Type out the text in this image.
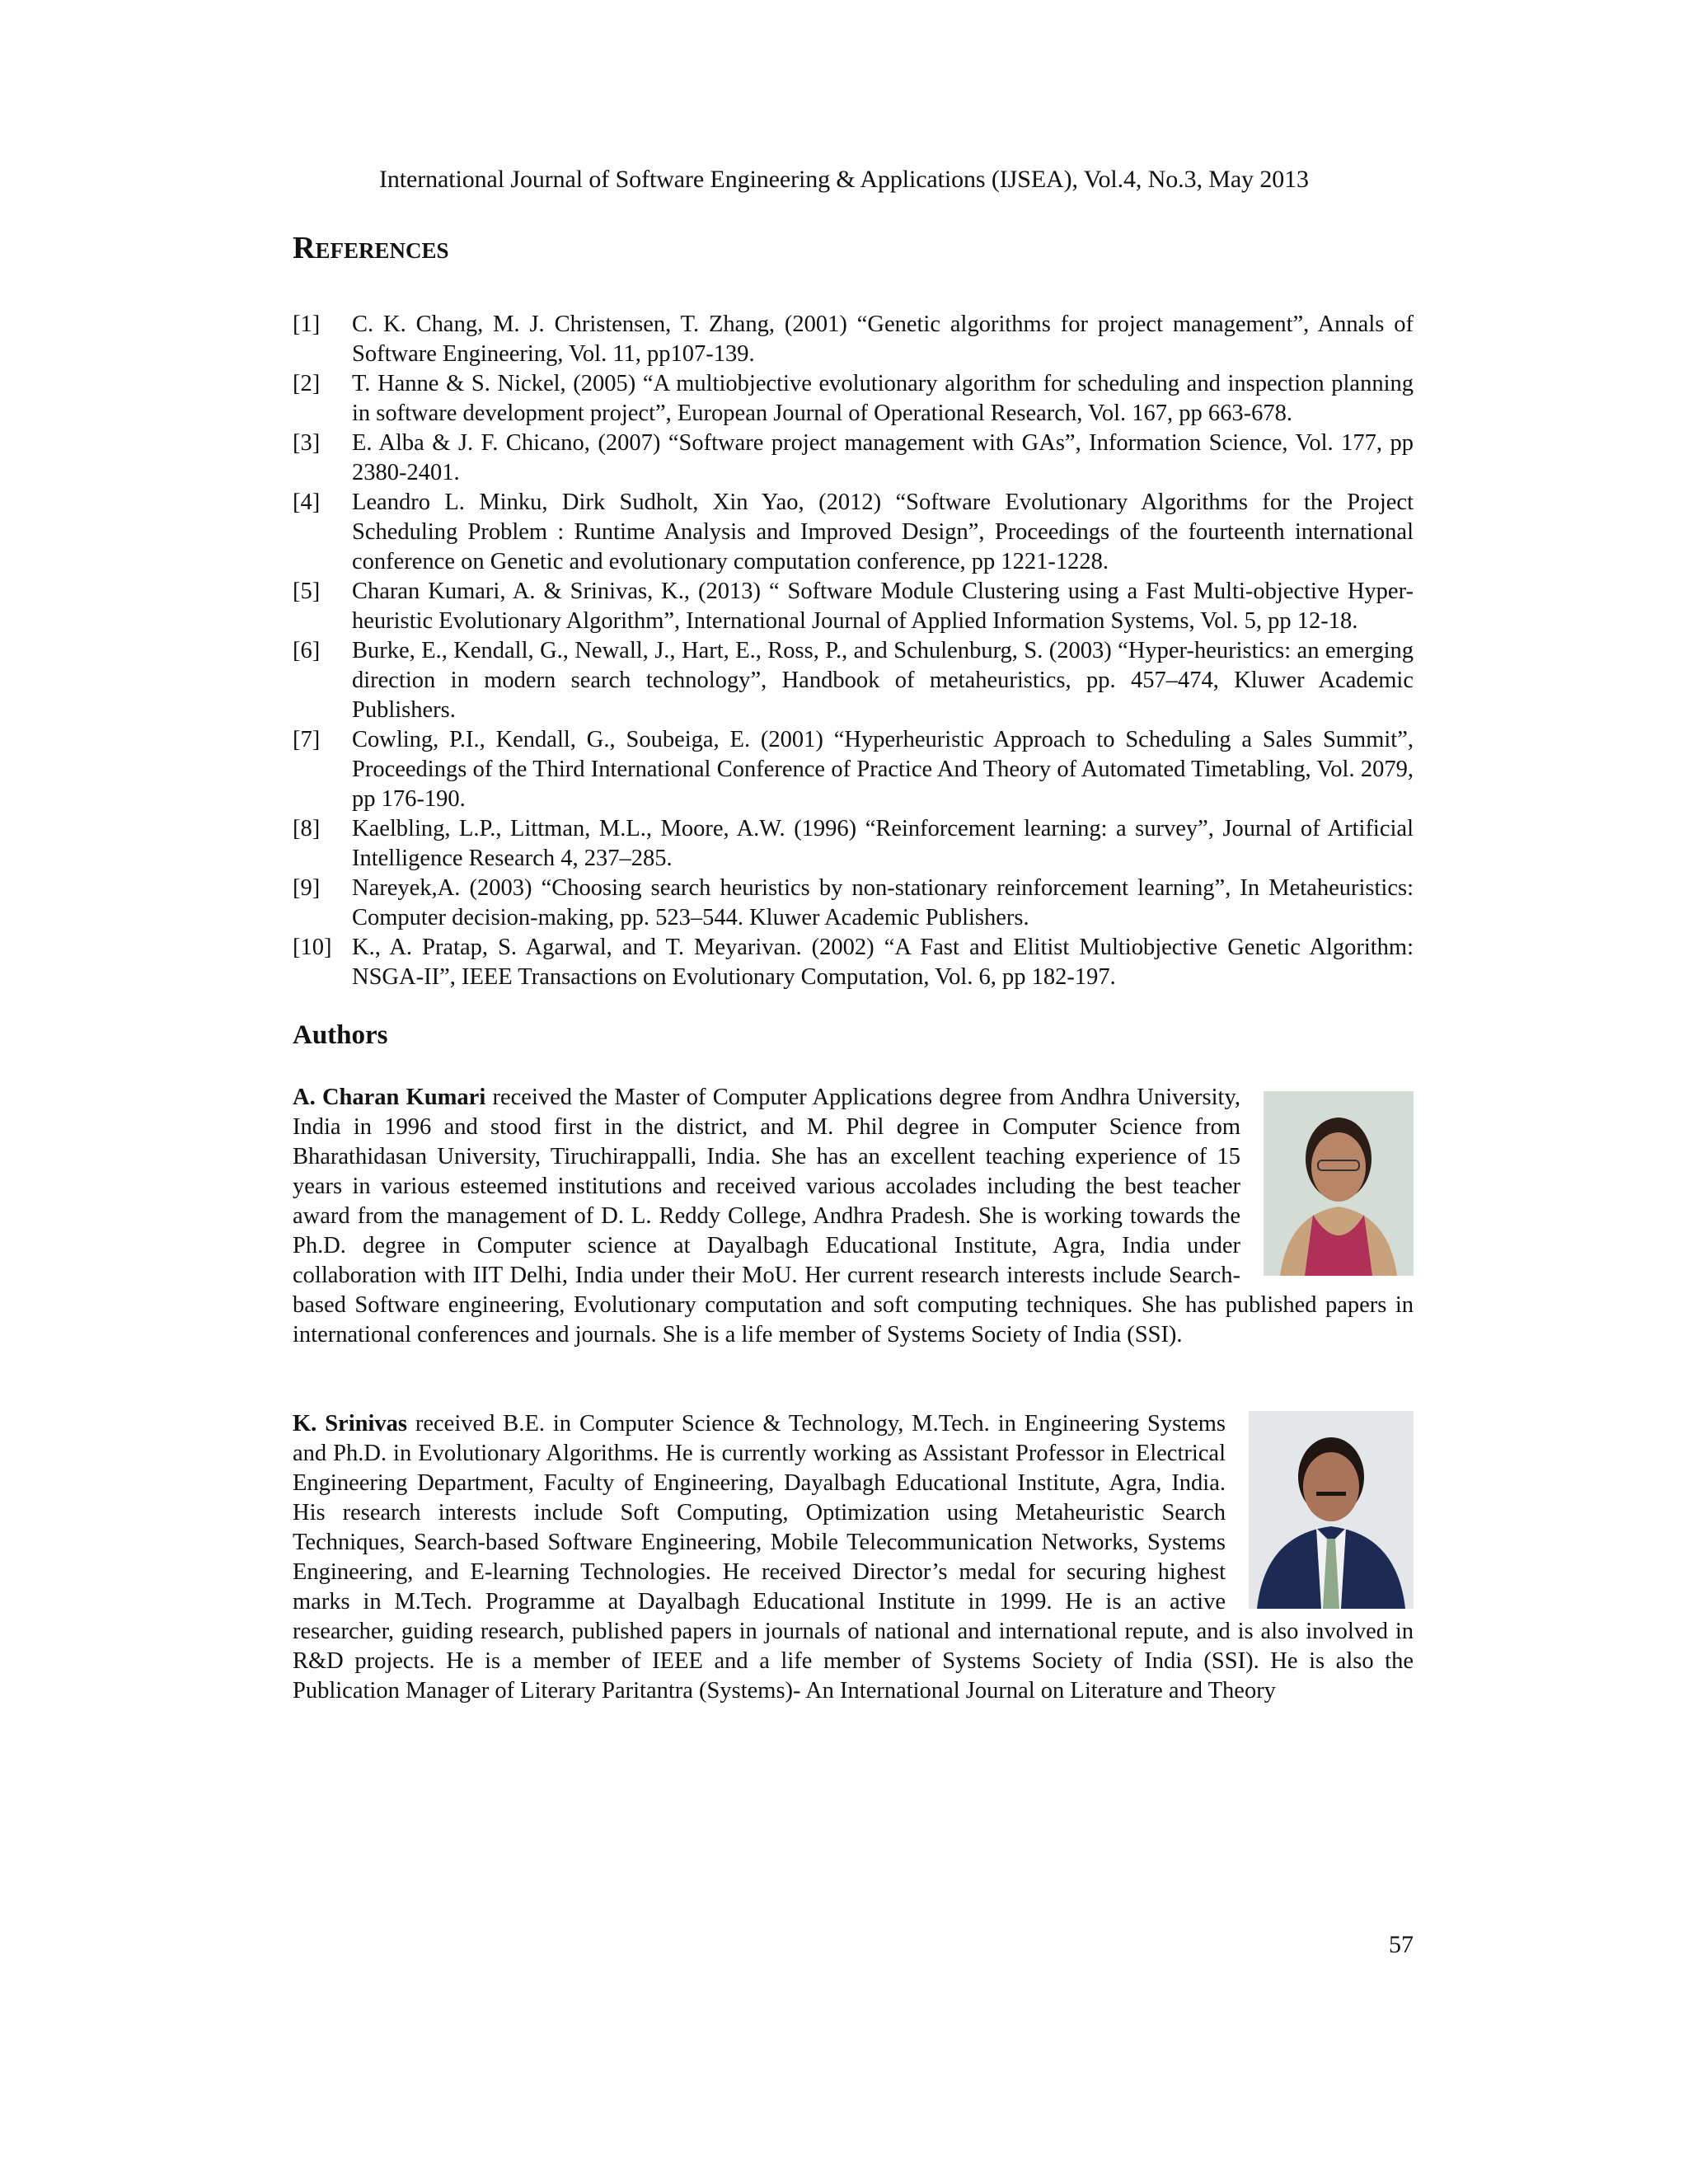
International Journal of Software Engineering & Applications (IJSEA), Vol.4, No.3, May 2013
References
[1] C. K. Chang, M. J. Christensen, T. Zhang, (2001) “Genetic algorithms for project management”, Annals of Software Engineering, Vol. 11, pp107-139.
[2] T. Hanne & S. Nickel, (2005) “A multiobjective evolutionary algorithm for scheduling and inspection planning in software development project”, European Journal of Operational Research, Vol. 167, pp 663-678.
[3] E. Alba & J. F. Chicano, (2007) “Software project management with GAs”, Information Science, Vol. 177, pp 2380-2401.
[4] Leandro L. Minku, Dirk Sudholt, Xin Yao, (2012) “Software Evolutionary Algorithms for the Project Scheduling Problem : Runtime Analysis and Improved Design”, Proceedings of the fourteenth international conference on Genetic and evolutionary computation conference, pp 1221-1228.
[5] Charan Kumari, A. & Srinivas, K., (2013) “ Software Module Clustering using a Fast Multi-objective Hyper-heuristic Evolutionary Algorithm”, International Journal of Applied Information Systems, Vol. 5, pp 12-18.
[6] Burke, E., Kendall, G., Newall, J., Hart, E., Ross, P., and Schulenburg, S. (2003) “Hyper-heuristics: an emerging direction in modern search technology”, Handbook of metaheuristics, pp. 457–474, Kluwer Academic Publishers.
[7] Cowling, P.I., Kendall, G., Soubeiga, E. (2001) “Hyperheuristic Approach to Scheduling a Sales Summit”, Proceedings of the Third International Conference of Practice And Theory of Automated Timetabling, Vol. 2079, pp 176-190.
[8] Kaelbling, L.P., Littman, M.L., Moore, A.W. (1996) “Reinforcement learning: a survey”, Journal of Artificial Intelligence Research 4, 237–285.
[9] Nareyek,A. (2003) “Choosing search heuristics by non-stationary reinforcement learning”, In Metaheuristics: Computer decision-making, pp. 523–544. Kluwer Academic Publishers.
[10] K., A. Pratap, S. Agarwal, and T. Meyarivan. (2002) “A Fast and Elitist Multiobjective Genetic Algorithm: NSGA-II”, IEEE Transactions on Evolutionary Computation, Vol. 6, pp 182-197.
Authors

A. Charan Kumari received the Master of Computer Applications degree from Andhra University, India in 1996 and stood first in the district, and M. Phil degree in Computer Science from Bharathidasan University, Tiruchirappalli, India. She has an excellent teaching experience of 15 years in various esteemed institutions and received various accolades including the best teacher award from the management of D. L. Reddy College, Andhra Pradesh. She is working towards the Ph.D. degree in Computer science at Dayalbagh Educational Institute, Agra, India under collaboration with IIT Delhi, India under their MoU. Her current research interests include Search-based Software engineering, Evolutionary computation and soft computing techniques. She has published papers in international conferences and journals. She is a life member of Systems Society of India (SSI).

K. Srinivas received B.E. in Computer Science & Technology, M.Tech. in Engineering Systems and Ph.D. in Evolutionary Algorithms. He is currently working as Assistant Professor in Electrical Engineering Department, Faculty of Engineering, Dayalbagh Educational Institute, Agra, India. His research interests include Soft Computing, Optimization using Metaheuristic Search Techniques, Search-based Software Engineering, Mobile Telecommunication Networks, Systems Engineering, and E-learning Technologies. He received Director’s medal for securing highest marks in M.Tech. Programme at Dayalbagh Educational Institute in 1999. He is an active researcher, guiding research, published papers in journals of national and international repute, and is also involved in R&D projects. He is a member of IEEE and a life member of Systems Society of India (SSI). He is also the Publication Manager of Literary Paritantra (Systems)- An International Journal on Literature and Theory

57
